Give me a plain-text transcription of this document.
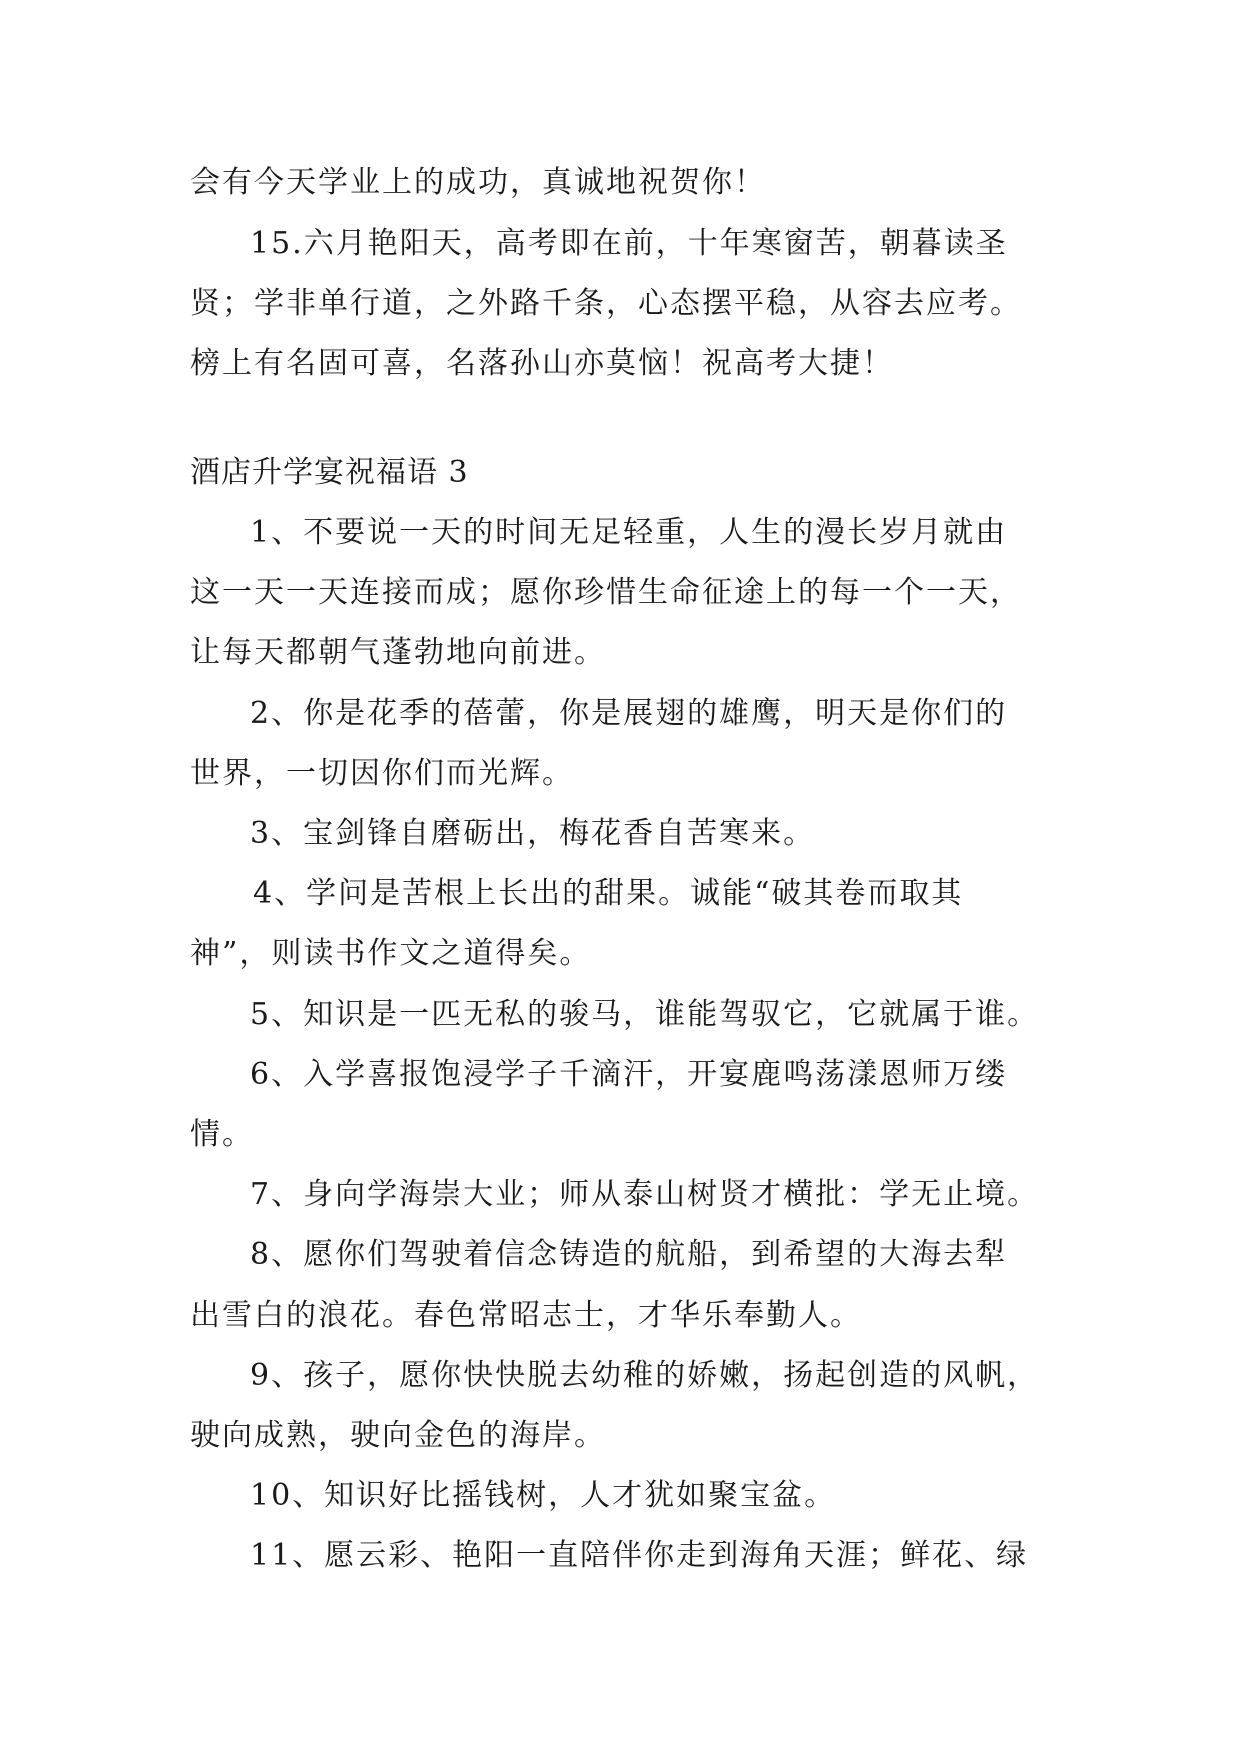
会有今天学业上的成功，真诚地祝贺你！
15.六月艳阳天，高考即在前，十年寒窗苦，朝暮读圣
贤；学非单行道，之外路千条，心态摆平稳，从容去应考。
榜上有名固可喜，名落孙山亦莫恼！祝高考大捷！
酒店升学宴祝福语 3
1、不要说一天的时间无足轻重，人生的漫长岁月就由
这一天一天连接而成；愿你珍惜生命征途上的每一个一天，
让每天都朝气蓬勃地向前进。
2、你是花季的蓓蕾，你是展翅的雄鹰，明天是你们的
世界，一切因你们而光辉。
3、宝剑锋自磨砺出，梅花香自苦寒来。
4、学问是苦根上长出的甜果。诚能“破其卷而取其
神”，则读书作文之道得矣。
5、知识是一匹无私的骏马，谁能驾驭它，它就属于谁。
6、入学喜报饱浸学子千滴汗，开宴鹿鸣荡漾恩师万缕
情。
7、身向学海崇大业；师从泰山树贤才横批：学无止境。
8、愿你们驾驶着信念铸造的航船，到希望的大海去犁
出雪白的浪花。春色常昭志士，才华乐奉勤人。
9、孩子，愿你快快脱去幼稚的娇嫩，扬起创造的风帆，
驶向成熟，驶向金色的海岸。
10、知识好比摇钱树，人才犹如聚宝盆。
11、愿云彩、艳阳一直陪伴你走到海角天涯；鲜花、绿
